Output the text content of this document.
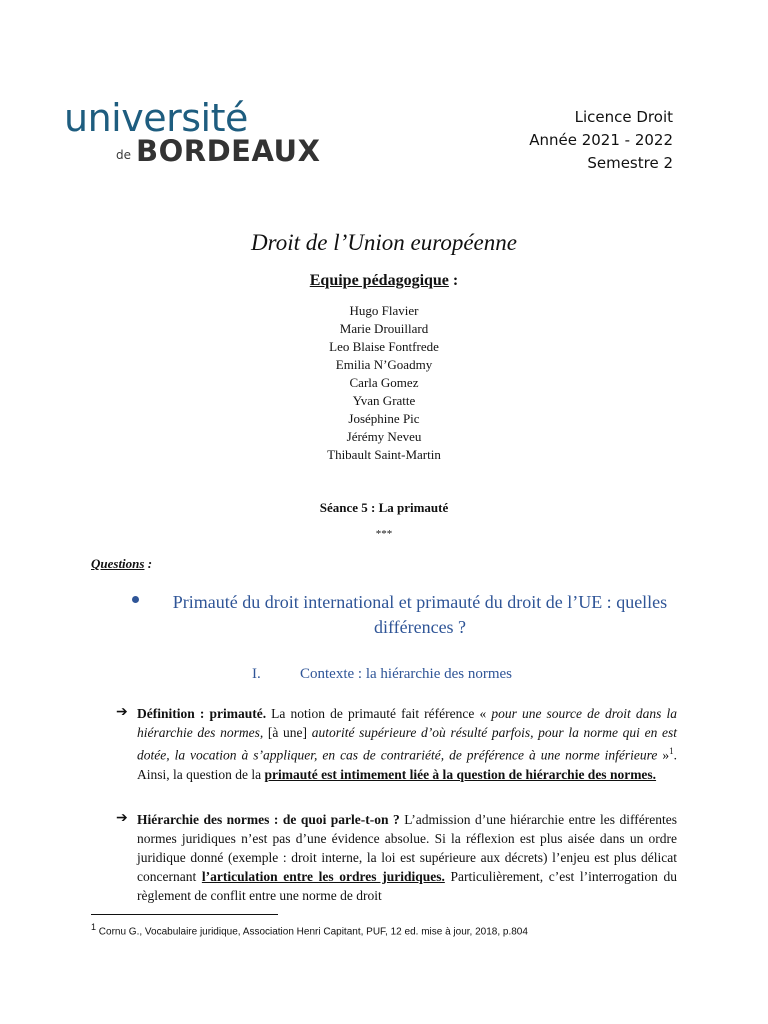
université
de BORDEAUX
Licence Droit
Année 2021 - 2022
Semestre 2
Droit de l’Union européenne
Equipe pédagogique :
Hugo Flavier
Marie Drouillard
Leo Blaise Fontfrede
Emilia N’Goadmy
Carla Gomez
Yvan Gratte
Joséphine Pic
Jérémy Neveu
Thibault Saint-Martin
Séance 5 : La primauté
***
Questions :
Primauté du droit international et primauté du droit de l’UE : quelles différences ?
I.	Contexte : la hiérarchie des normes
➔ Définition : primauté. La notion de primauté fait référence « pour une source de droit dans la hiérarchie des normes, [à une] autorité supérieure d’où résulté parfois, pour la norme qui en est dotée, la vocation à s’appliquer, en cas de contrariété, de préférence à une norme inférieure »$^1$. Ainsi, la question de la primauté est intimement liée à la question de hiérarchie des normes.
➔ Hiérarchie des normes : de quoi parle-t-on ? L’admission d’une hiérarchie entre les différentes normes juridiques n’est pas d’une évidence absolue. Si la réflexion est plus aisée dans un ordre juridique donné (exemple : droit interne, la loi est supérieure aux décrets) l’enjeu est plus délicat concernant l’articulation entre les ordres juridiques. Particulièrement, c’est l’interrogation du règlement de conflit entre une norme de droit
1 Cornu G., Vocabulaire juridique, Association Henri Capitant, PUF, 12 ed. mise à jour, 2018, p.804
